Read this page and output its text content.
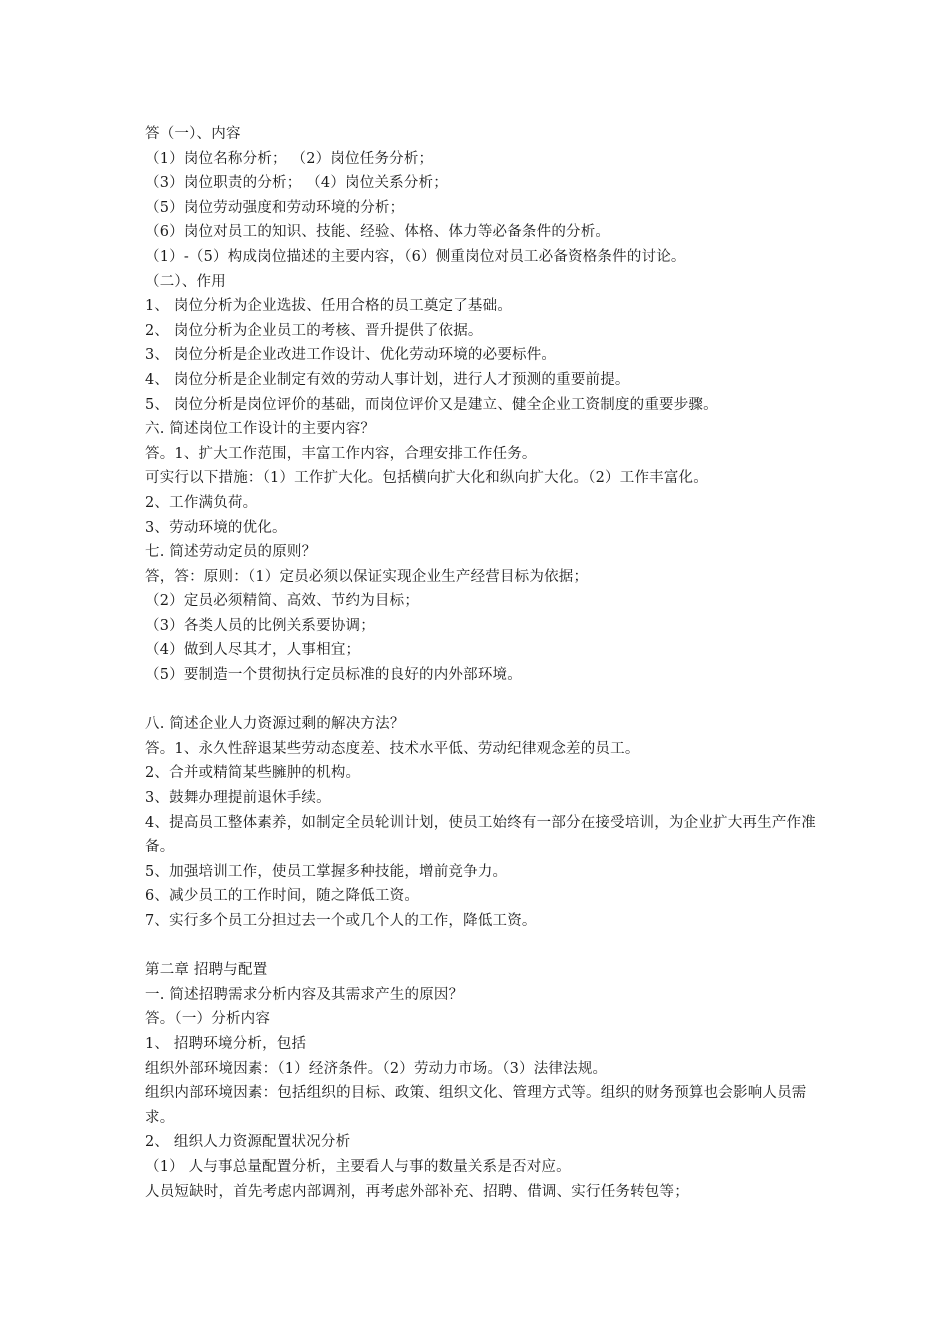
答（一）、内容
（1）岗位名称分析； （2）岗位任务分析；
（3）岗位职责的分析； （4）岗位关系分析；
（5）岗位劳动强度和劳动环境的分析；
（6）岗位对员工的知识、技能、经验、体格、体力等必备条件的分析。
（1）-（5）构成岗位描述的主要内容，（6）侧重岗位对员工必备资格条件的讨论。
（二）、作用
1、 岗位分析为企业选拔、任用合格的员工奠定了基础。
2、 岗位分析为企业员工的考核、晋升提供了依据。
3、 岗位分析是企业改进工作设计、优化劳动环境的必要标件。
4、 岗位分析是企业制定有效的劳动人事计划，进行人才预测的重要前提。
5、 岗位分析是岗位评价的基础，而岗位评价又是建立、健全企业工资制度的重要步骤。
六. 简述岗位工作设计的主要内容？
答。1、扩大工作范围，丰富工作内容，合理安排工作任务。
可实行以下措施：（1）工作扩大化。包括横向扩大化和纵向扩大化。（2）工作丰富化。
2、工作满负荷。
3、劳动环境的优化。
七. 简述劳动定员的原则？
答，答：原则：（1）定员必须以保证实现企业生产经营目标为依据；
（2）定员必须精简、高效、节约为目标；
（3）各类人员的比例关系要协调；
（4）做到人尽其才，人事相宜；
（5）要制造一个贯彻执行定员标准的良好的内外部环境。
八. 简述企业人力资源过剩的解决方法？
答。1、永久性辞退某些劳动态度差、技术水平低、劳动纪律观念差的员工。
2、合并或精简某些臃肿的机构。
3、鼓舞办理提前退休手续。
4、提高员工整体素养，如制定全员轮训计划，使员工始终有一部分在接受培训，为企业扩大再生产作准备。
5、加强培训工作，使员工掌握多种技能，增前竞争力。
6、减少员工的工作时间，随之降低工资。
7、实行多个员工分担过去一个或几个人的工作，降低工资。
第二章 招聘与配置
一. 简述招聘需求分析内容及其需求产生的原因？
答。（一）分析内容
1、 招聘环境分析，包括
组织外部环境因素：（1）经济条件。（2）劳动力市场。（3）法律法规。
组织内部环境因素：包括组织的目标、政策、组织文化、管理方式等。组织的财务预算也会影响人员需求。
2、 组织人力资源配置状况分析
（1） 人与事总量配置分析，主要看人与事的数量关系是否对应。
人员短缺时，首先考虑内部调剂，再考虑外部补充、招聘、借调、实行任务转包等；
